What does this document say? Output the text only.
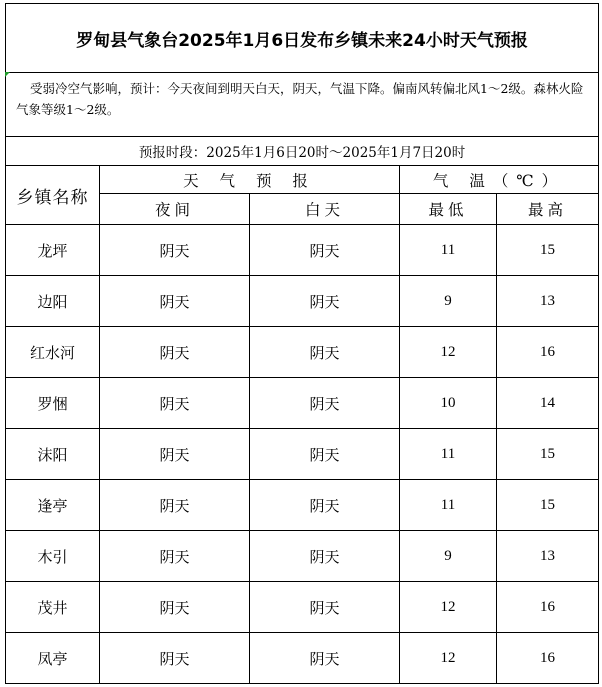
罗甸县气象台2025年1月6日发布乡镇未来24小时天气预报				
受弱冷空气影响，预计：今天夜间到明天白天，阴天，气温下降。偏南风转偏北风1～2级。森林火险气象等级1～2级。				
预报时段：2025年1月6日20时～2025年1月7日20时				
乡镇名称	天 气 预 报		气 温（℃）	
	夜间	白天	最低	最高
龙坪	阴天	阴天	11	15
边阳	阴天	阴天	9	13
红水河	阴天	阴天	12	16
罗悃	阴天	阴天	10	14
沫阳	阴天	阴天	11	15
逢亭	阴天	阴天	11	15
木引	阴天	阴天	9	13
茂井	阴天	阴天	12	16
凤亭	阴天	阴天	12	16
